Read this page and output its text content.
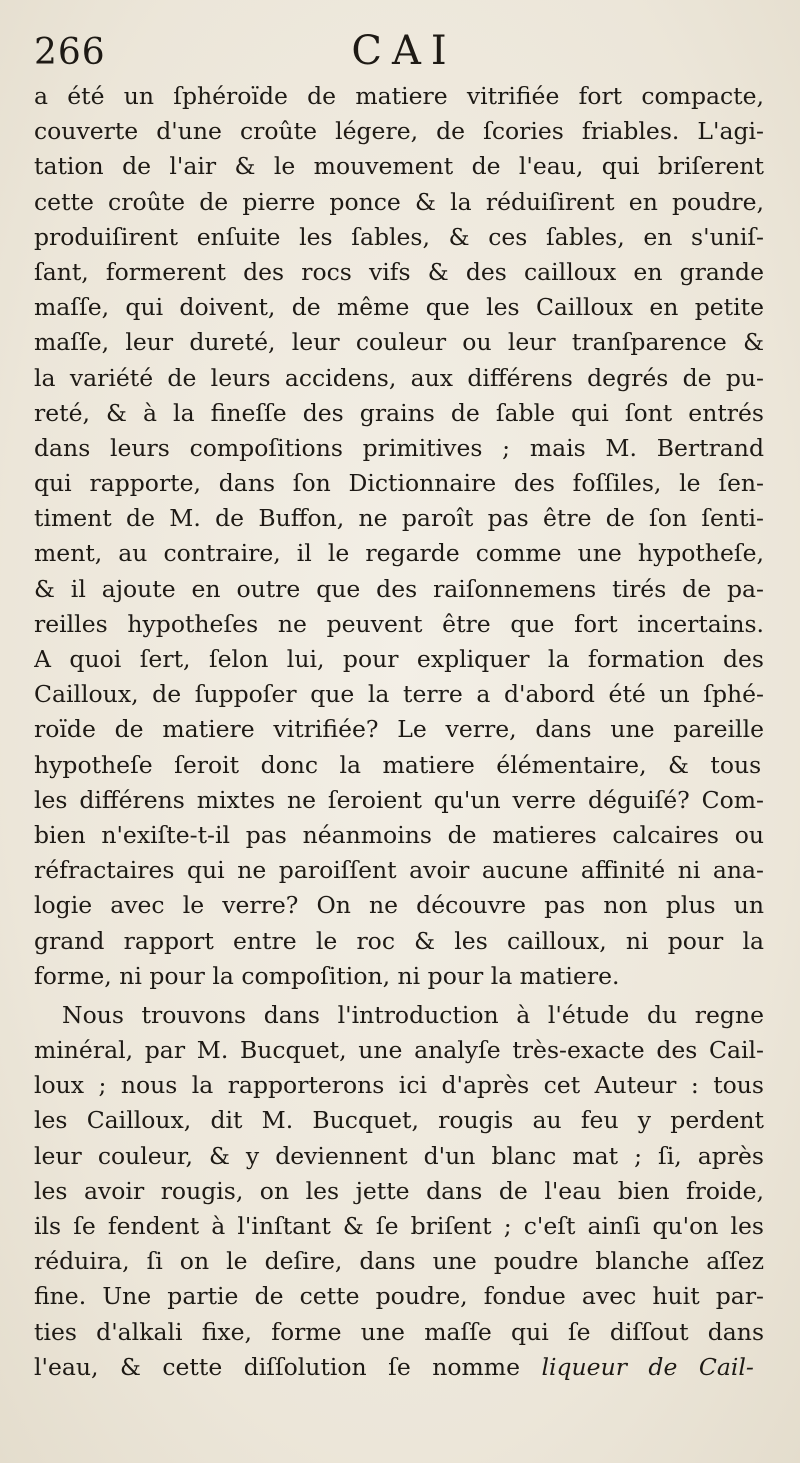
266	CAI
a été un ſphéroïde de matiere vitrifiée fort compacte,
couverte d'une croûte légere, de ſcories friables. L'agi-
tation de l'air & le mouvement de l'eau, qui briſerent
cette croûte de pierre ponce & la réduiſirent en poudre,
produiſirent enſuite les ſables, & ces ſables, en s'uniſ-
ſant, formerent des rocs vifs & des cailloux en grande
maſſe, qui doivent, de même que les Cailloux en petite
maſſe, leur dureté, leur couleur ou leur tranſparence &
la variété de leurs accidens, aux différens degrés de pu-
reté, & à la fineſſe des grains de ſable qui ſont entrés
dans leurs compoſitions primitives ; mais M. Bertrand
qui rapporte, dans ſon Dictionnaire des foſſiles, le ſen-
timent de M. de Buffon, ne paroît pas être de ſon ſenti-
ment, au contraire, il le regarde comme une hypotheſe,
& il ajoute en outre que des raiſonnemens tirés de pa-
reilles hypotheſes ne peuvent être que fort incertains.
A quoi ſert, ſelon lui, pour expliquer la formation des
Cailloux, de ſuppoſer que la terre a d'abord été un ſphé-
roïde de matiere vitrifiée? Le verre, dans une pareille
hypotheſe ſeroit donc la matiere élémentaire, & tous
les différens mixtes ne ſeroient qu'un verre déguiſé? Com-
bien n'exiſte-t-il pas néanmoins de matieres calcaires ou
réfractaires qui ne paroiſſent avoir aucune affinité ni ana-
logie avec le verre? On ne découvre pas non plus un
grand rapport entre le roc & les cailloux, ni pour la
forme, ni pour la compoſition, ni pour la matiere.
Nous trouvons dans l'introduction à l'étude du regne
minéral, par M. Bucquet, une analyſe très-exacte des Cail-
loux ; nous la rapporterons ici d'après cet Auteur : tous
les Cailloux, dit M. Bucquet, rougis au feu y perdent
leur couleur, & y deviennent d'un blanc mat ; ſi, après
les avoir rougis, on les jette dans de l'eau bien froide,
ils ſe fendent à l'inſtant & ſe briſent ; c'eſt ainſi qu'on les
réduira, ſi on le deſire, dans une poudre blanche aſſez
fine. Une partie de cette poudre, fondue avec huit par-
ties d'alkali fixe, forme une maſſe qui ſe diſſout dans
l'eau, & cette diſſolution ſe nomme liqueur de Cail-
